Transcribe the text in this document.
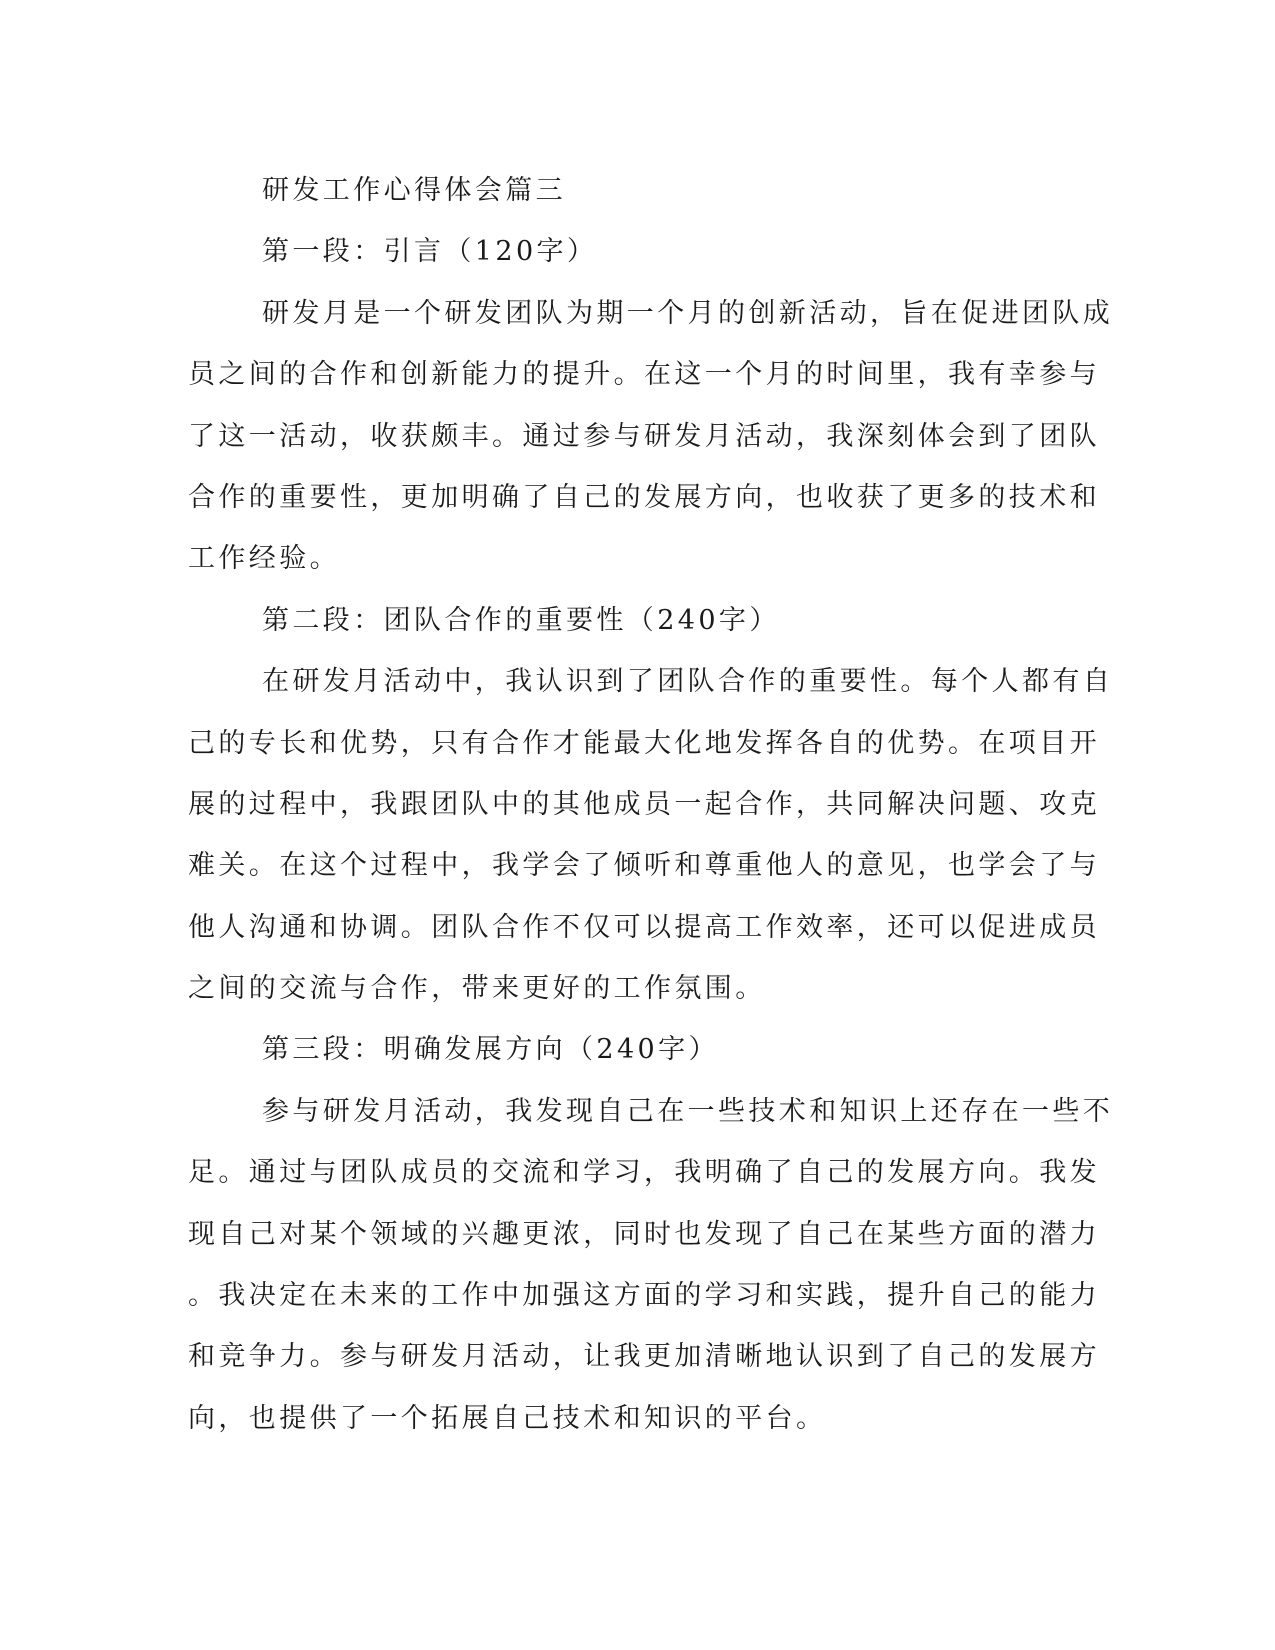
研发工作心得体会篇三
第一段：引言（120字）
研发月是一个研发团队为期一个月的创新活动，旨在促进团队成
员之间的合作和创新能力的提升。在这一个月的时间里，我有幸参与
了这一活动，收获颇丰。通过参与研发月活动，我深刻体会到了团队
合作的重要性，更加明确了自己的发展方向，也收获了更多的技术和
工作经验。
第二段：团队合作的重要性（240字）
在研发月活动中，我认识到了团队合作的重要性。每个人都有自
己的专长和优势，只有合作才能最大化地发挥各自的优势。在项目开
展的过程中，我跟团队中的其他成员一起合作，共同解决问题、攻克
难关。在这个过程中，我学会了倾听和尊重他人的意见，也学会了与
他人沟通和协调。团队合作不仅可以提高工作效率，还可以促进成员
之间的交流与合作，带来更好的工作氛围。
第三段：明确发展方向（240字）
参与研发月活动，我发现自己在一些技术和知识上还存在一些不
足。通过与团队成员的交流和学习，我明确了自己的发展方向。我发
现自己对某个领域的兴趣更浓，同时也发现了自己在某些方面的潜力
。我决定在未来的工作中加强这方面的学习和实践，提升自己的能力
和竞争力。参与研发月活动，让我更加清晰地认识到了自己的发展方
向，也提供了一个拓展自己技术和知识的平台。
